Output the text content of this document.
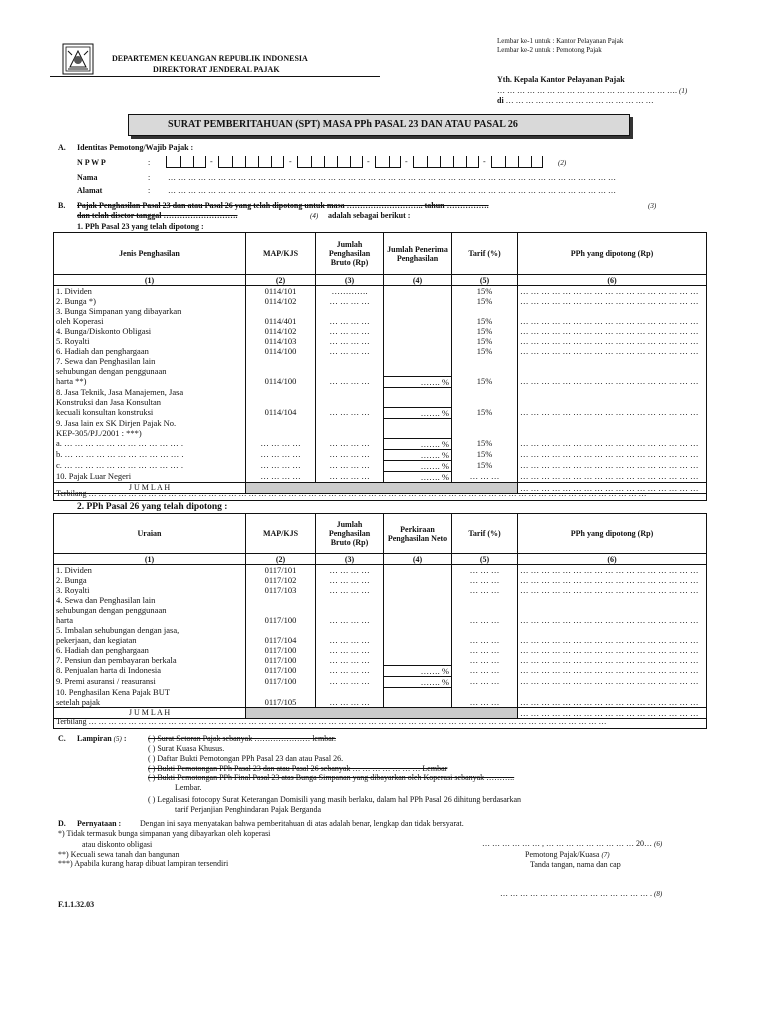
DEPARTEMEN KEUANGAN REPUBLIK INDONESIA
DIREKTORAT JENDERAL PAJAK
Lembar ke-1 untuk : Kantor Pelayanan Pajak
Lembar ke-2 untuk : Pemotong Pajak
Yth. Kepala Kantor Pelayanan Pajak
… … … … … … … … … … … … … … … … … …. (1)
di … … … … … … … … … … … … … … …
SURAT PEMBERITAHUAN (SPT) MASA PPh PASAL 23 DAN ATAU PASAL 26
A. Identitas Pemotong/Wajib Pajak :
N P W P	:	-	-	-	-	-	(2)
Nama	: … … … … … … … … … … … … … … … … … … … … … … … … … … … … … … … … … … … … … … … … … … … … …
Alamat	: … … … … … … … … … … … … … … … … … … … … … … … … … … … … … … … … … … … … … … … … … … … … …
B. Pajak Penghasilan Pasal 23 dan atau Pasal 26 yang telah dipotong untuk masa ……………………….. tahun …………….	(3)
dan telah disetor tanggal ……………………….	(4) adalah sebagai berikut :
1. PPh Pasal 23 yang telah dipotong :
Jenis Penghasilan	MAP/KJS	Jumlah Penghasilan Bruto (Rp)	Jumlah Penerima Penghasilan	Tarif (%)	PPh yang dipotong (Rp)
(1)	(2)	(3)	(4)	(5)	(6)
1. Dividen	0114/101	………….		15%	… … … … … … … … … … … … … … … … …
2. Bunga *)	0114/102	… … … …		15%	… … … … … … … … … … … … … … … … …
3. Bunga Simpanan yang dibayarkan					
oleh Koperasi	0114/401	… … … …		15%	… … … … … … … … … … … … … … … … …
4. Bunga/Diskonto Obligasi	0114/102	… … … …		15%	… … … … … … … … … … … … … … … … …
5. Royalti	0114/103	… … … …		15%	… … … … … … … … … … … … … … … … …
6. Hadiah dan penghargaan	0114/100	… … … …		15%	… … … … … … … … … … … … … … … … …
7. Sewa dan Penghasilan lain					
sehubungan dengan penggunaan					
harta **)	0114/100	… … … …	……. %	15%	… … … … … … … … … … … … … … … … …
8. Jasa Teknik, Jasa Manajemen, Jasa					
Konstruksi dan Jasa Konsultan					
kecuali konsultan konstruksi	0114/104	… … … …	……. %	15%	… … … … … … … … … … … … … … … … …
9. Jasa lain ex SK Dirjen Pajak No.					
KEP-305/PJ./2001 : ***)					
a. … … … … … … … … … … … .	… … … …	… … … …	……. %	15%	… … … … … … … … … … … … … … … … …
b. … … … … … … … … … … … .	… … … …	… … … …	……. %	15%	… … … … … … … … … … … … … … … … …
c. … … … … … … … … … … … .	… … … …	… … … …	……. %	15%	… … … … … … … … … … … … … … … … …
10. Pajak Luar Negeri	… … … …	… … … …	……. %	… … …	… … … … … … … … … … … … … … … … …
J U M L A H					… … … … … … … … … … … … … … … … …
Terbilang … … … … … … … … … … … … … … … … … … … … … … … … … … … … … … … … … … … … … … … … … … … … … … … … … … … … … … … …
2. PPh Pasal 26 yang telah dipotong :
Uraian	MAP/KJS	Jumlah Penghasilan Bruto (Rp)	Perkiraan Penghasilan Neto	Tarif (%)	PPh yang dipotong (Rp)
(1)	(2)	(3)	(4)	(5)	(6)
1. Dividen	0117/101	… … … …		… … …	… … … … … … … … … … … … … … … … …
2. Bunga	0117/102	… … … …		… … …	… … … … … … … … … … … … … … … … …
3. Royalti	0117/103	… … … …		… … …	… … … … … … … … … … … … … … … … …
4. Sewa dan Penghasilan lain					
sehubungan dengan penggunaan					
harta	0117/100	… … … …		… … …	… … … … … … … … … … … … … … … … …
5. Imbalan sehubungan dengan jasa,					
pekerjaan, dan kegiatan	0117/104	… … … …		… … …	… … … … … … … … … … … … … … … … …
6. Hadiah dan penghargaan	0117/100	… … … …		… … …	… … … … … … … … … … … … … … … … …
7. Pensiun dan pembayaran berkala	0117/100	… … … …		… … …	… … … … … … … … … … … … … … … … …
8. Penjualan harta di Indonesia	0117/100	… … … …	……. %	… … …	… … … … … … … … … … … … … … … … …
9. Premi asuransi / reasuransi	0117/100	… … … …	……. %	… … …	… … … … … … … … … … … … … … … … …
10. Penghasilan Kena Pajak BUT					
setelah pajak	0117/105	… … … …		… … …	… … … … … … … … … … … … … … … … …
J U M L A H					… … … … … … … … … … … … … … … … …
Terbilang … … … … … … … … … … … … … … … … … … … … … … … … … … … … … … … … … … … … … … … … … … … … … … … … … … … …
C. Lampiran (5) :	( ) Surat Setoran Pajak sebanyak ………………… lembar.
( ) Surat Kuasa Khusus.
( ) Daftar Bukti Pemotongan PPh Pasal 23 dan atau Pasal 26.
( ) Bukti Pemotongan PPh Pasal 23 dan atau Pasal 26 sebanyak … … … … … … … Lembar
( ) Bukti Pemotongan PPh Final Pasal 23 atas Bunga Simpanan yang dibayarkan oleh Koperasi sebanyak ………..
Lembar.
( ) Legalisasi fotocopy Surat Keterangan Domisili yang masih berlaku, dalam hal PPh Pasal 26 dihitung berdasarkan
tarif Perjanjian Penghindaran Pajak Berganda
D. Pernyataan : Dengan ini saya menyatakan bahwa pemberitahuan di atas adalah benar, lengkap dan tidak bersyarat.
*) Tidak termasuk bunga simpanan yang dibayarkan oleh koperasi
atau diskonto obligasi
**) Kecuali sewa tanah dan bangunan
***) Apabila kurang harap dibuat lampiran tersendiri
… … … … … … , … … … … … … … … … 20… (6)
Pemotong Pajak/Kuasa (7)
Tanda tangan, nama dan cap
… … … … … … … … … … … … … … … . (8)
F.1.1.32.03
